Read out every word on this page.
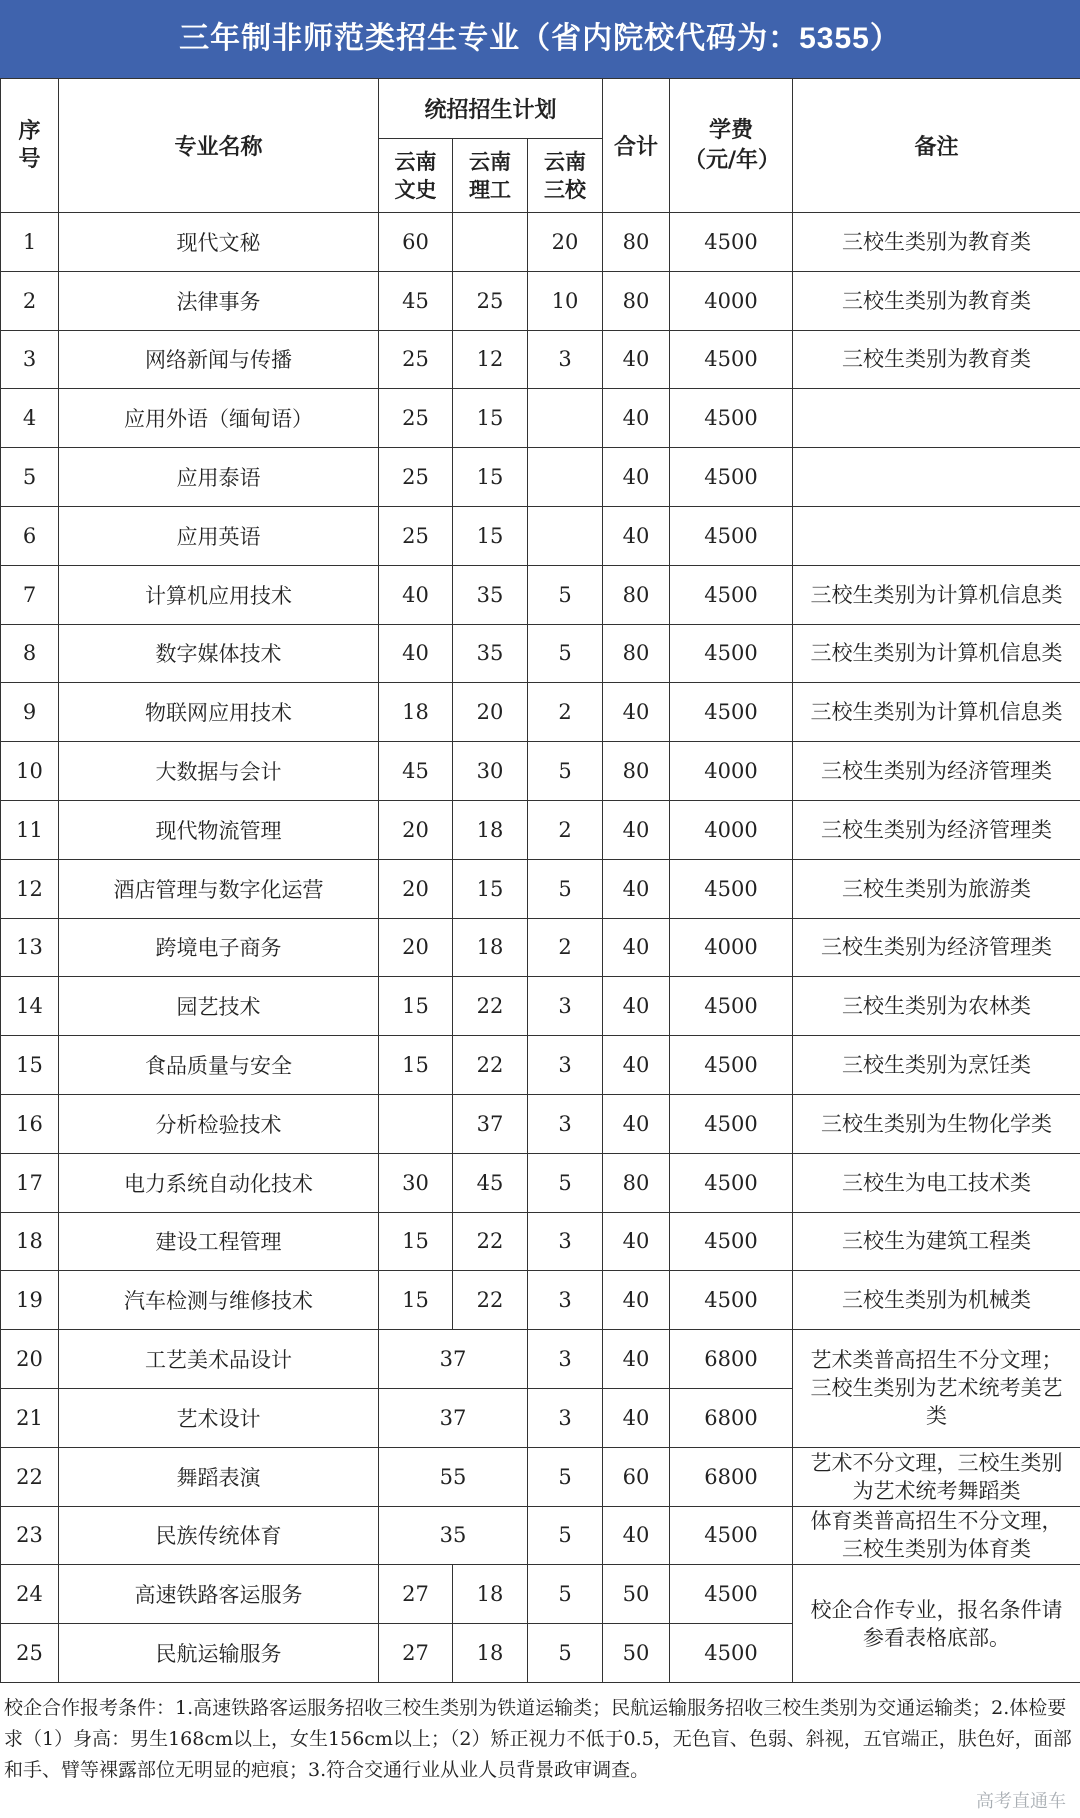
三年制非师范类招生专业（省内院校代码为：5355）
序号	专业名称	统招招生计划			合计	学费（元/年）	备注
		云南文史	云南理工	云南三校			
1	现代文秘	60		20	80	4500	三校生类别为教育类
2	法律事务	45	25	10	80	4000	三校生类别为教育类
3	网络新闻与传播	25	12	3	40	4500	三校生类别为教育类
4	应用外语（缅甸语）	25	15		40	4500	
5	应用泰语	25	15		40	4500	
6	应用英语	25	15		40	4500	
7	计算机应用技术	40	35	5	80	4500	三校生类别为计算机信息类
8	数字媒体技术	40	35	5	80	4500	三校生类别为计算机信息类
9	物联网应用技术	18	20	2	40	4500	三校生类别为计算机信息类
10	大数据与会计	45	30	5	80	4000	三校生类别为经济管理类
11	现代物流管理	20	18	2	40	4000	三校生类别为经济管理类
12	酒店管理与数字化运营	20	15	5	40	4500	三校生类别为旅游类
13	跨境电子商务	20	18	2	40	4000	三校生类别为经济管理类
14	园艺技术	15	22	3	40	4500	三校生类别为农林类
15	食品质量与安全	15	22	3	40	4500	三校生类别为烹饪类
16	分析检验技术		37	3	40	4500	三校生类别为生物化学类
17	电力系统自动化技术	30	45	5	80	4500	三校生为电工技术类
18	建设工程管理	15	22	3	40	4500	三校生为建筑工程类
19	汽车检测与维修技术	15	22	3	40	4500	三校生类别为机械类
20	工艺美术品设计	37		3	40	6800	艺术类普高招生不分文理；三校生类别为艺术统考美艺类
21	艺术设计	37		3	40	6800	
22	舞蹈表演	55		5	60	6800	艺术不分文理，三校生类别为艺术统考舞蹈类
23	民族传统体育	35		5	40	4500	体育类普高招生不分文理，三校生类别为体育类
24	高速铁路客运服务	27	18	5	50	4500	校企合作专业，报名条件请参看表格底部。
25	民航运输服务	27	18	5	50	4500	
校企合作报考条件：1.高速铁路客运服务招收三校生类别为铁道运输类；民航运输服务招收三校生类别为交通运输类；2.体检要求（1）身高：男生168cm以上，女生156cm以上；（2）矫正视力不低于0.5，无色盲、色弱、斜视，五官端正，肤色好，面部和手、臂等裸露部位无明显的疤痕；3.符合交通行业从业人员背景政审调查。
高考直通车
